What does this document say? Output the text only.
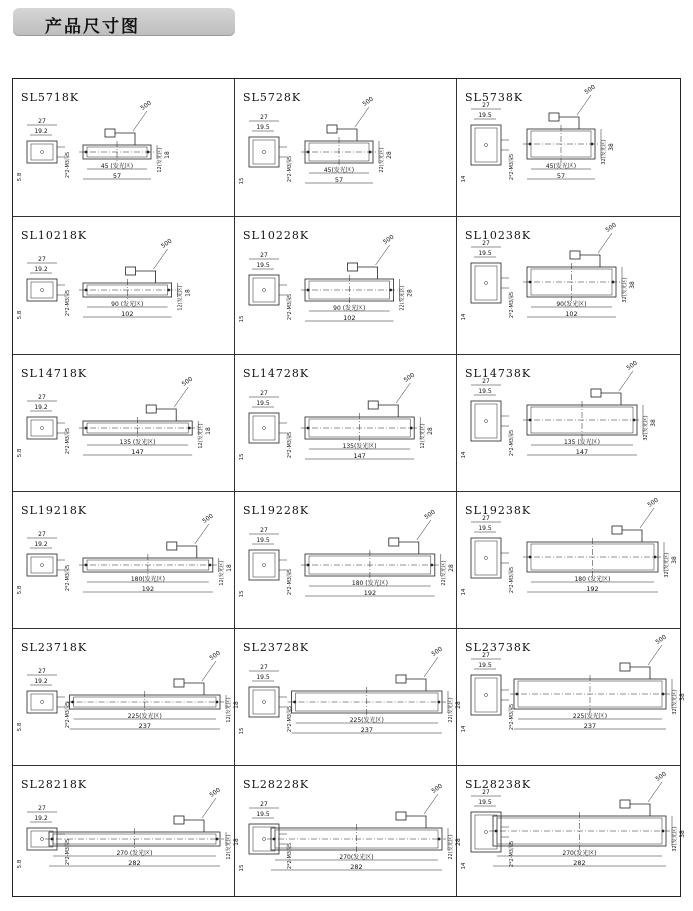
产品尺寸图
SL5718K
27
19.2
5.8	2*2-M3深5
500
45 (发光区)
57
12(发光区) 18
SL5728K
27
19.5
15	2*2-M3深5
500
45(发光区)
57
22(发光区) 28
SL5738K
27
19.5
14	2*2-M3深5
500
45(发光区)
57
32(发光区) 38
SL10218K
27
19.2
5.8	2*2-M3深5
500
90 (发光区)
102
12(发光区) 18
SL10228K
27
19.5
15	2*2-M3深5
500
90 (发光区)
102
22(发光区) 28
SL10238K
27
19.5
14	2*2-M3深5
500
90(发光区)
102
32(发光区) 38
SL14718K
27
19.2
5.8	2*2-M3深5
500
135 (发光区)
147
12(发光区) 18
SL14728K
27
19.5
15	2*2-M3深5
500
135(发光区)
147
12(发光区) 28
SL14738K
27
19.5
14	2*2-M3深5
500
135 (发光区)
147
32(发光区) 38
SL19218K
27
19.2
5.8	2*2-M3深5
500
180(发光区)
192
12(发光区) 18
SL19228K
27
19.5
15	2*2-M3深5
500
180 (发光区)
192
22(发光区) 28
SL19238K
27
19.5
14	2*2-M3深5
500
180 (发光区)
192
32(发光区) 38
SL23718K
27
19.2
5.8	2*2-M3深5
500
225(发光区)
237
12(发光区) 18
SL23728K
27
19.5
15	2*2-M3深5
500
225(发光区)
237
22(发光区) 28
SL23738K
27
19.5
14	2*2-M3深5
500
225(发光区)
237
32(发光区) 38
SL28218K
27
19.2
5.8	2*2-M3深5
500
270 (发光区)
282
12(发光区) 18
SL28228K
27
19.5
15	2*2-M3深5
500
270(发光区)
282
22(发光区) 28
SL28238K
27
19.5
14	2*2-M3深5
500
270(发光区)
282
32(发光区) 38
